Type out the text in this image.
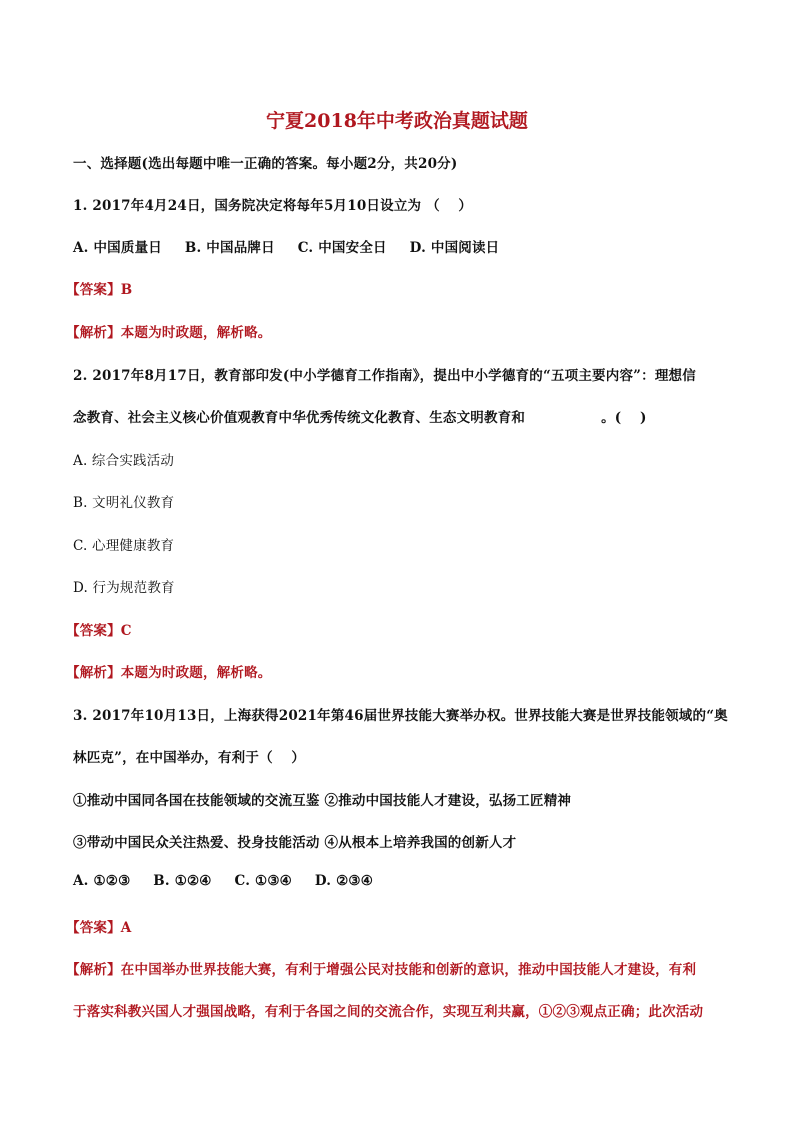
宁夏2018年中考政治真题试题
一、选择题(选出每题中唯一正确的答案。每小题2分，共20分)
1. 2017年4月24日，国务院决定将每年5月10日设立为 （　 ）
A. 中国质量日 B. 中国品牌日 C. 中国安全日 D. 中国阅读日
【答案】B
【解析】本题为时政题，解析略。
2. 2017年8月17日，教育部印发(中小学德育工作指南》，提出中小学德育的“五项主要内容”：理想信
念教育、社会主义核心价值观教育中华优秀传统文化教育、生态文明教育和	。(　 )
A. 综合实践活动
B. 文明礼仪教育
C. 心理健康教育
D. 行为规范教育
【答案】C
【解析】本题为时政题，解析略。
3. 2017年10月13日，上海获得2021年第46届世界技能大赛举办权。世界技能大赛是世界技能领域的“奥
林匹克”，在中国举办，有利于（　 ）
①推动中国同各国在技能领域的交流互鉴 ②推动中国技能人才建设，弘扬工匠精神
③带动中国民众关注热爱、投身技能活动 ④从根本上培养我国的创新人才
A. ①②③ B. ①②④ C. ①③④ D. ②③④
【答案】A
【解析】在中国举办世界技能大赛，有利于增强公民对技能和创新的意识，推动中国技能人才建设，有利
于落实科教兴国人才强国战略，有利于各国之间的交流合作，实现互利共赢，①②③观点正确；此次活动
